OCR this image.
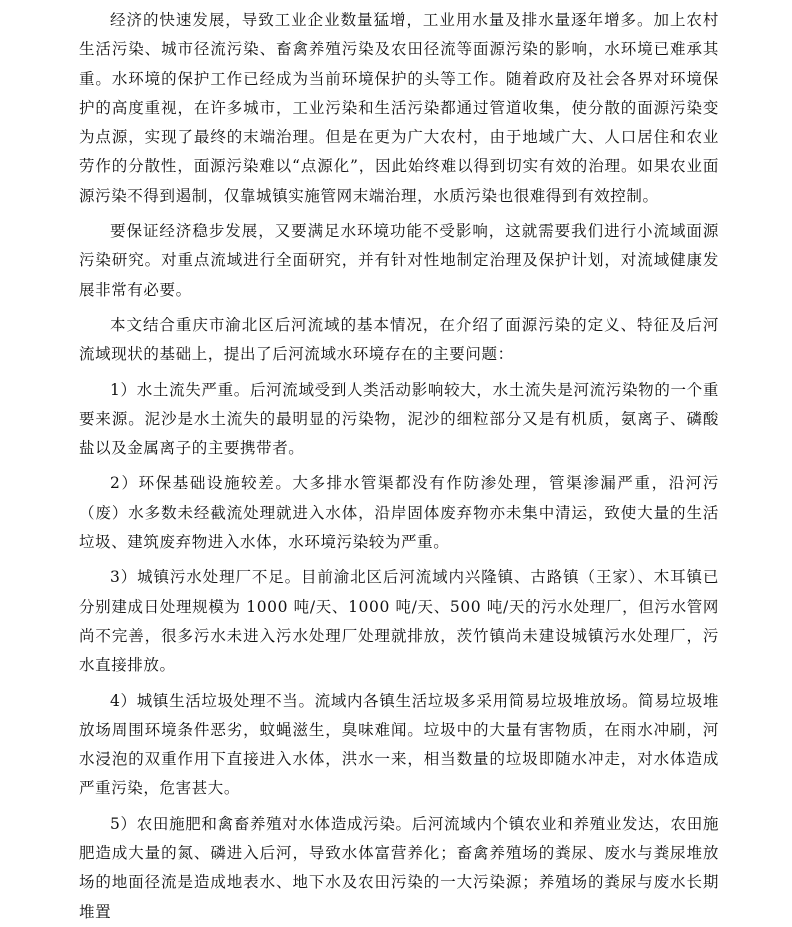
经济的快速发展，导致工业企业数量猛增，工业用水量及排水量逐年增多。加上农村生活污染、城市径流污染、畜禽养殖污染及农田径流等面源污染的影响，水环境已难承其重。水环境的保护工作已经成为当前环境保护的头等工作。随着政府及社会各界对环境保护的高度重视，在许多城市，工业污染和生活污染都通过管道收集，使分散的面源污染变为点源，实现了最终的末端治理。但是在更为广大农村，由于地域广大、人口居住和农业劳作的分散性，面源污染难以“点源化”，因此始终难以得到切实有效的治理。如果农业面源污染不得到遏制，仅靠城镇实施管网末端治理，水质污染也很难得到有效控制。

要保证经济稳步发展，又要满足水环境功能不受影响，这就需要我们进行小流域面源污染研究。对重点流域进行全面研究，并有针对性地制定治理及保护计划，对流域健康发展非常有必要。

本文结合重庆市渝北区后河流域的基本情况，在介绍了面源污染的定义、特征及后河流域现状的基础上，提出了后河流域水环境存在的主要问题：

1）水土流失严重。后河流域受到人类活动影响较大，水土流失是河流污染物的一个重要来源。泥沙是水土流失的最明显的污染物，泥沙的细粒部分又是有机质，氨离子、磷酸盐以及金属离子的主要携带者。

2）环保基础设施较差。大多排水管渠都没有作防渗处理，管渠渗漏严重，沿河污（废）水多数未经截流处理就进入水体，沿岸固体废弃物亦未集中清运，致使大量的生活垃圾、建筑废弃物进入水体，水环境污染较为严重。

3）城镇污水处理厂不足。目前渝北区后河流域内兴隆镇、古路镇（王家）、木耳镇已分别建成日处理规模为 1000 吨/天、1000 吨/天、500 吨/天的污水处理厂，但污水管网尚不完善，很多污水未进入污水处理厂处理就排放，茨竹镇尚未建设城镇污水处理厂，污水直接排放。

4）城镇生活垃圾处理不当。流域内各镇生活垃圾多采用简易垃圾堆放场。简易垃圾堆放场周围环境条件恶劣，蚊蝇滋生，臭味难闻。垃圾中的大量有害物质，在雨水冲刷，河水浸泡的双重作用下直接进入水体，洪水一来，相当数量的垃圾即随水冲走，对水体造成严重污染，危害甚大。

5）农田施肥和禽畜养殖对水体造成污染。后河流域内个镇农业和养殖业发达，农田施肥造成大量的氮、磷进入后河，导致水体富营养化；畜禽养殖场的粪尿、废水与粪尿堆放场的地面径流是造成地表水、地下水及农田污染的一大污染源；养殖场的粪尿与废水长期堆置
